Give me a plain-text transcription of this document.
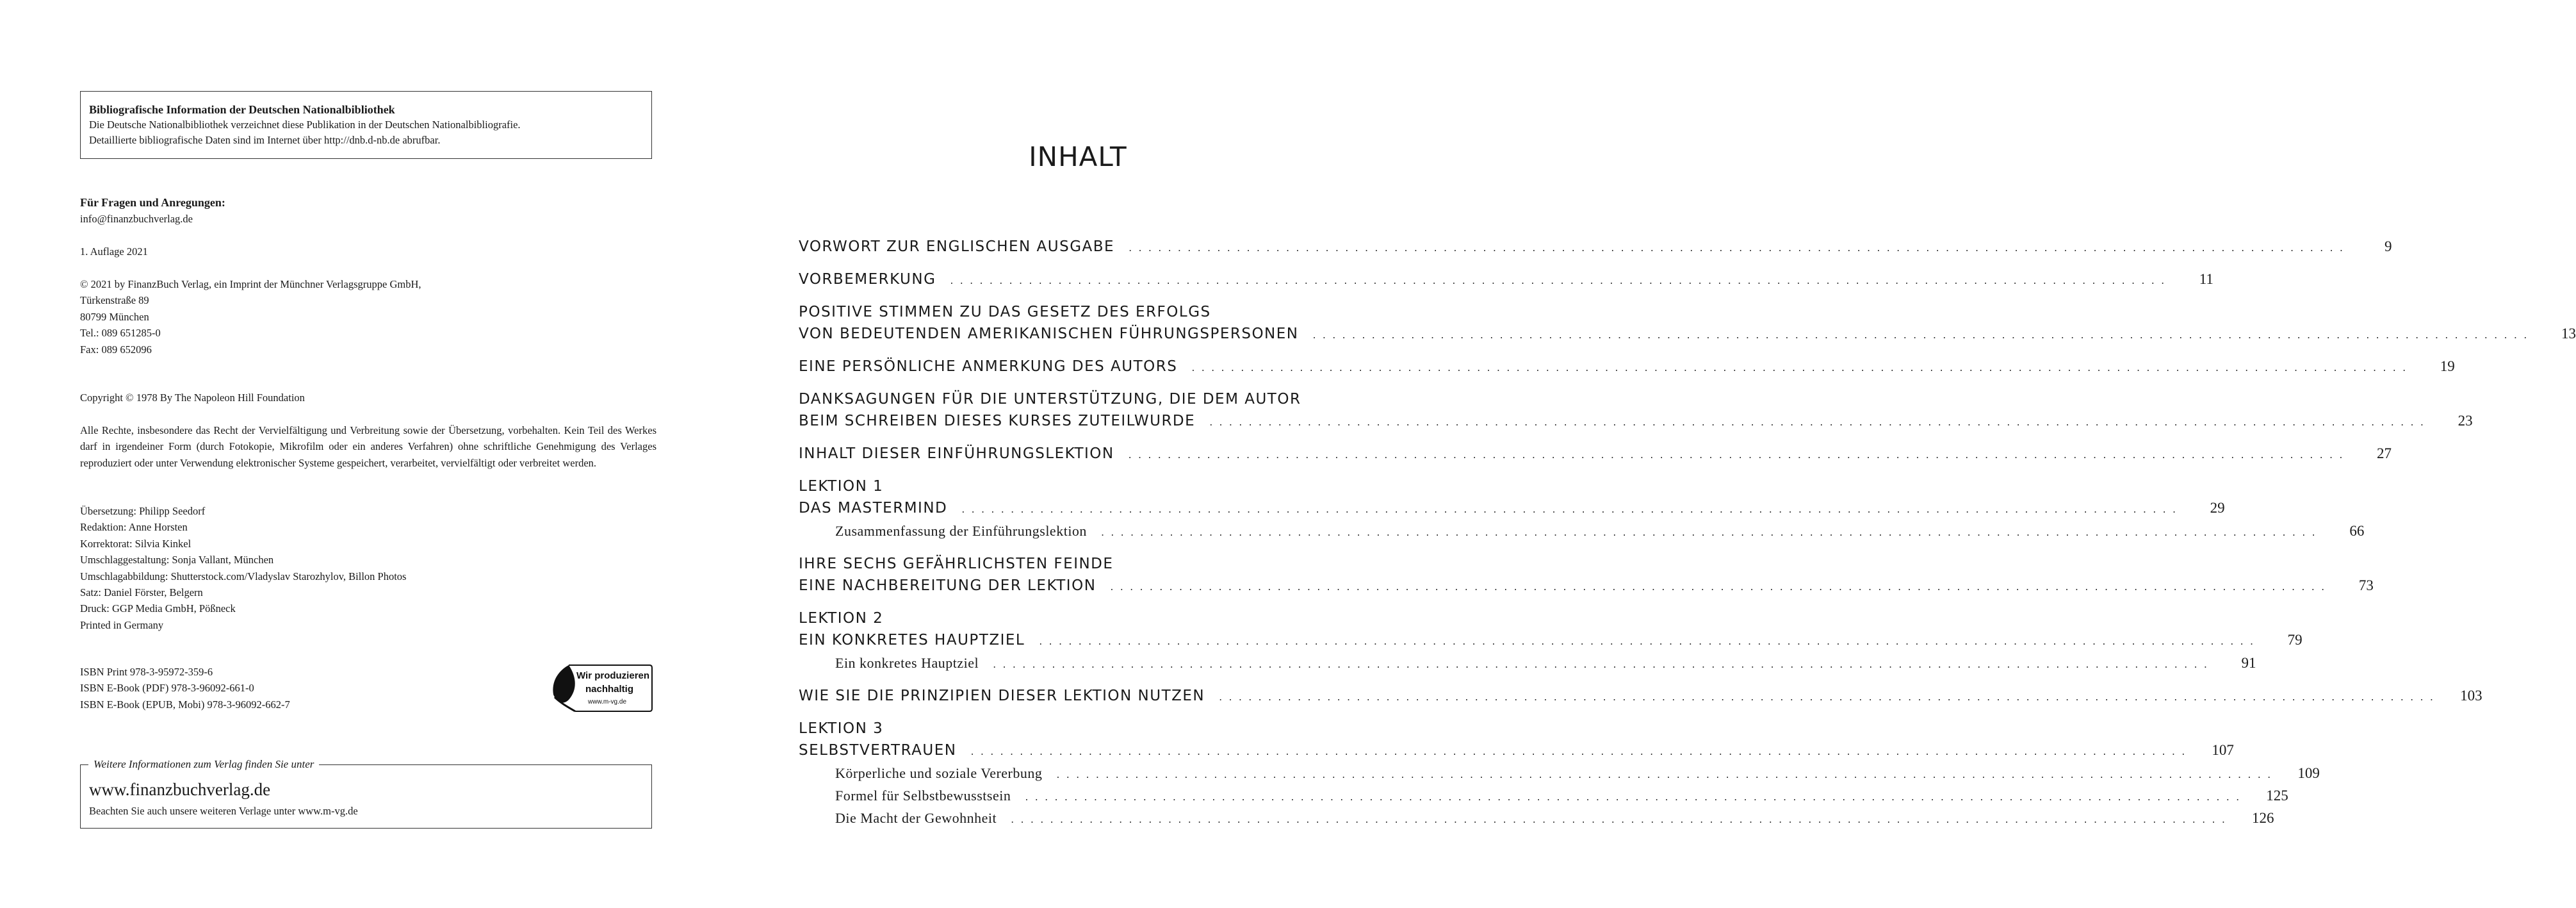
Bibliografische Information der Deutschen Nationalbibliothek
Die Deutsche Nationalbibliothek verzeichnet diese Publikation in der Deutschen Nationalbibliografie.
Detaillierte bibliografische Daten sind im Internet über http://dnb.d-nb.de abrufbar.
Für Fragen und Anregungen:
info@finanzbuchverlag.de
1. Auflage 2021
© 2021 by FinanzBuch Verlag, ein Imprint der Münchner Verlagsgruppe GmbH,
Türkenstraße 89
80799 München
Tel.: 089 651285-0
Fax: 089 652096
Copyright © 1978 By The Napoleon Hill Foundation
Alle Rechte, insbesondere das Recht der Vervielfältigung und Verbreitung sowie der Übersetzung, vorbehalten. Kein Teil des Werkes darf in irgendeiner Form (durch Fotokopie, Mikrofilm oder ein anderes Verfahren) ohne schriftliche Genehmigung des Verlages reproduziert oder unter Verwendung elektronischer Systeme gespeichert, verarbeitet, vervielfältigt oder verbreitet werden.
Übersetzung: Philipp Seedorf
Redaktion: Anne Horsten
Korrektorat: Silvia Kinkel
Umschlaggestaltung: Sonja Vallant, München
Umschlagabbildung: Shutterstock.com/Vladyslav Starozhylov, Billon Photos
Satz: Daniel Förster, Belgern
Druck: GGP Media GmbH, Pößneck
Printed in Germany
ISBN Print 978-3-95972-359-6
ISBN E-Book (PDF) 978-3-96092-661-0
ISBN E-Book (EPUB, Mobi) 978-3-96092-662-7
Wir produzieren
nachhaltig
www.m-vg.de
Weitere Informationen zum Verlag finden Sie unter
www.finanzbuchverlag.de
Beachten Sie auch unsere weiteren Verlage unter www.m-vg.de
INHALT
VORWORT ZUR ENGLISCHEN AUSGABE . . .	9
VORBEMERKUNG . . .	11
POSITIVE STIMMEN ZU DAS GESETZ DES ERFOLGS
VON BEDEUTENDEN AMERIKANISCHEN FÜHRUNGSPERSONEN . . .	13
EINE PERSÖNLICHE ANMERKUNG DES AUTORS . . .	19
DANKSAGUNGEN FÜR DIE UNTERSTÜTZUNG, DIE DEM AUTOR
BEIM SCHREIBEN DIESES KURSES ZUTEILWURDE . . .	23
INHALT DIESER EINFÜHRUNGSLEKTION . . .	27
LEKTION 1
DAS MASTERMIND . . .	29
Zusammenfassung der Einführungslektion . . .	66
IHRE SECHS GEFÄHRLICHSTEN FEINDE
EINE NACHBEREITUNG DER LEKTION . . .	73
LEKTION 2
EIN KONKRETES HAUPTZIEL . . .	79
Ein konkretes Hauptziel . . .	91
WIE SIE DIE PRINZIPIEN DIESER LEKTION NUTZEN . . .	103
LEKTION 3
SELBSTVERTRAUEN . . .	107
Körperliche und soziale Vererbung . . .	109
Formel für Selbstbewusstsein . . .	125
Die Macht der Gewohnheit . . .	126
